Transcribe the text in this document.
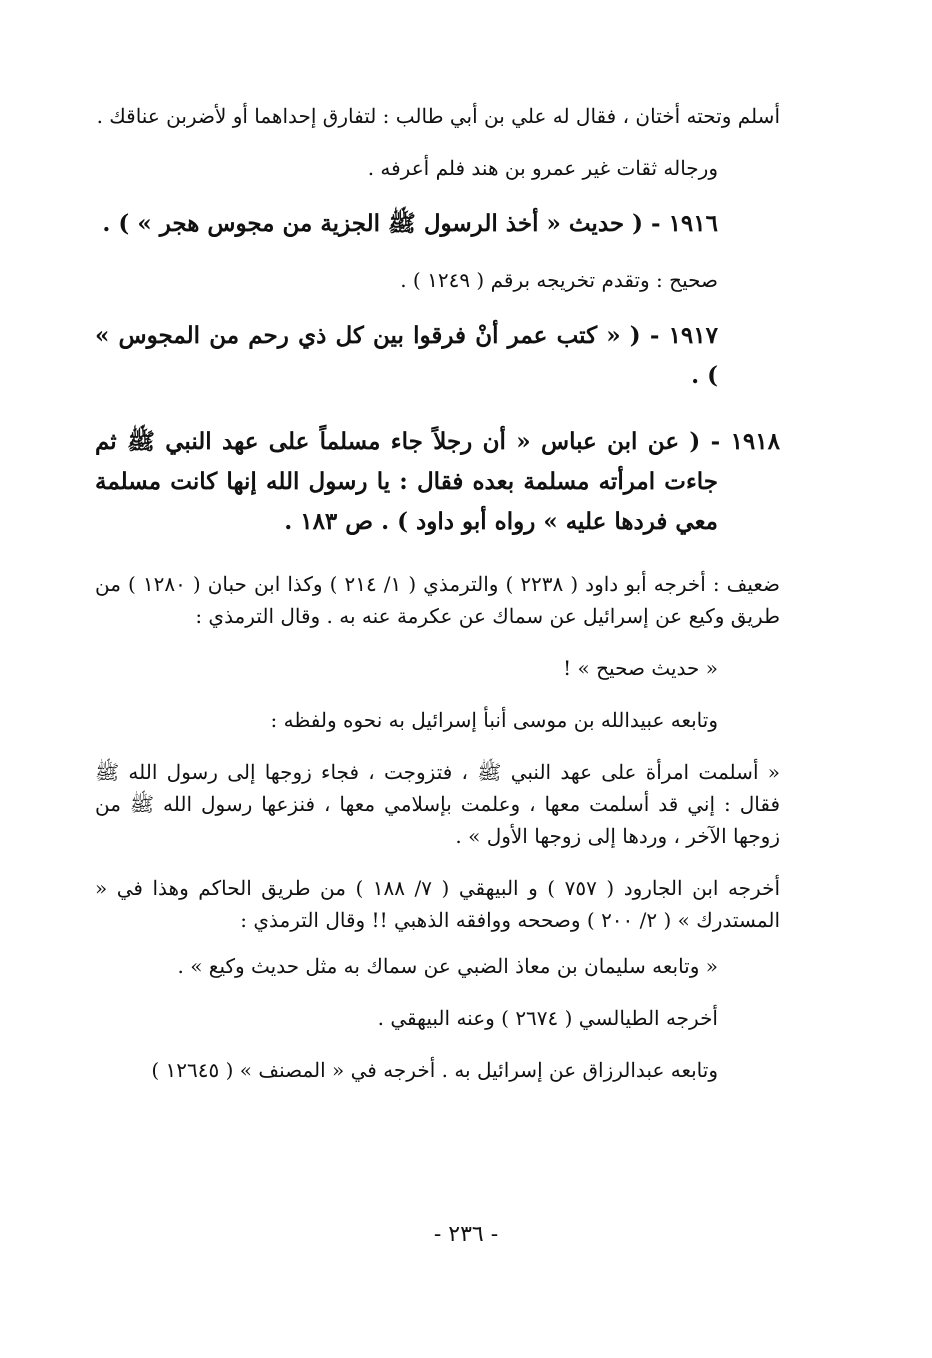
أسلم وتحته أختان ، فقال له علي بن أبي طالب : لتفارق إحداهما أو لأضربن عناقك .

ورجاله ثقات غير عمرو بن هند فلم أعرفه .

١٩١٦ - ( حديث « أخذ الرسول ﷺ الجزية من مجوس هجر » ) .

صحيح : وتقدم تخريجه برقم ( ١٢٤٩ ) .

١٩١٧ - ( « كتب عمر أنْ فرقوا بين كل ذي رحم من المجوس » ) .

١٩١٨ - ( عن ابن عباس « أن رجلاً جاء مسلماً على عهد النبي ﷺ ثم جاءت امرأته مسلمة بعده فقال : يا رسول الله إنها كانت مسلمة معي فردها عليه » رواه أبو داود ) . ص ١٨٣ .

ضعيف : أخرجه أبو داود ( ٢٢٣٨ ) والترمذي ( ١/ ٢١٤ ) وكذا ابن حبان ( ١٢٨٠ ) من طريق وكيع عن إسرائيل عن سماك عن عكرمة عنه به . وقال الترمذي :

« حديث صحيح » !

وتابعه عبيدالله بن موسى أنبأ إسرائيل به نحوه ولفظه :

« أسلمت امرأة على عهد النبي ﷺ ، فتزوجت ، فجاء زوجها إلى رسول الله ﷺ فقال : إني قد أسلمت معها ، وعلمت بإسلامي معها ، فنزعها رسول الله ﷺ من زوجها الآخر ، وردها إلى زوجها الأول » .

أخرجه ابن الجارود ( ٧٥٧ ) و البيهقي ( ٧/ ١٨٨ ) من طريق الحاكم وهذا في « المستدرك » ( ٢/ ٢٠٠ ) وصححه ووافقه الذهبي !! وقال الترمذي :

« وتابعه سليمان بن معاذ الضبي عن سماك به مثل حديث وكيع » .

أخرجه الطيالسي ( ٢٦٧٤ ) وعنه البيهقي .

وتابعه عبدالرزاق عن إسرائيل به . أخرجه في « المصنف » ( ١٢٦٤٥ )

- ٢٣٦ -
